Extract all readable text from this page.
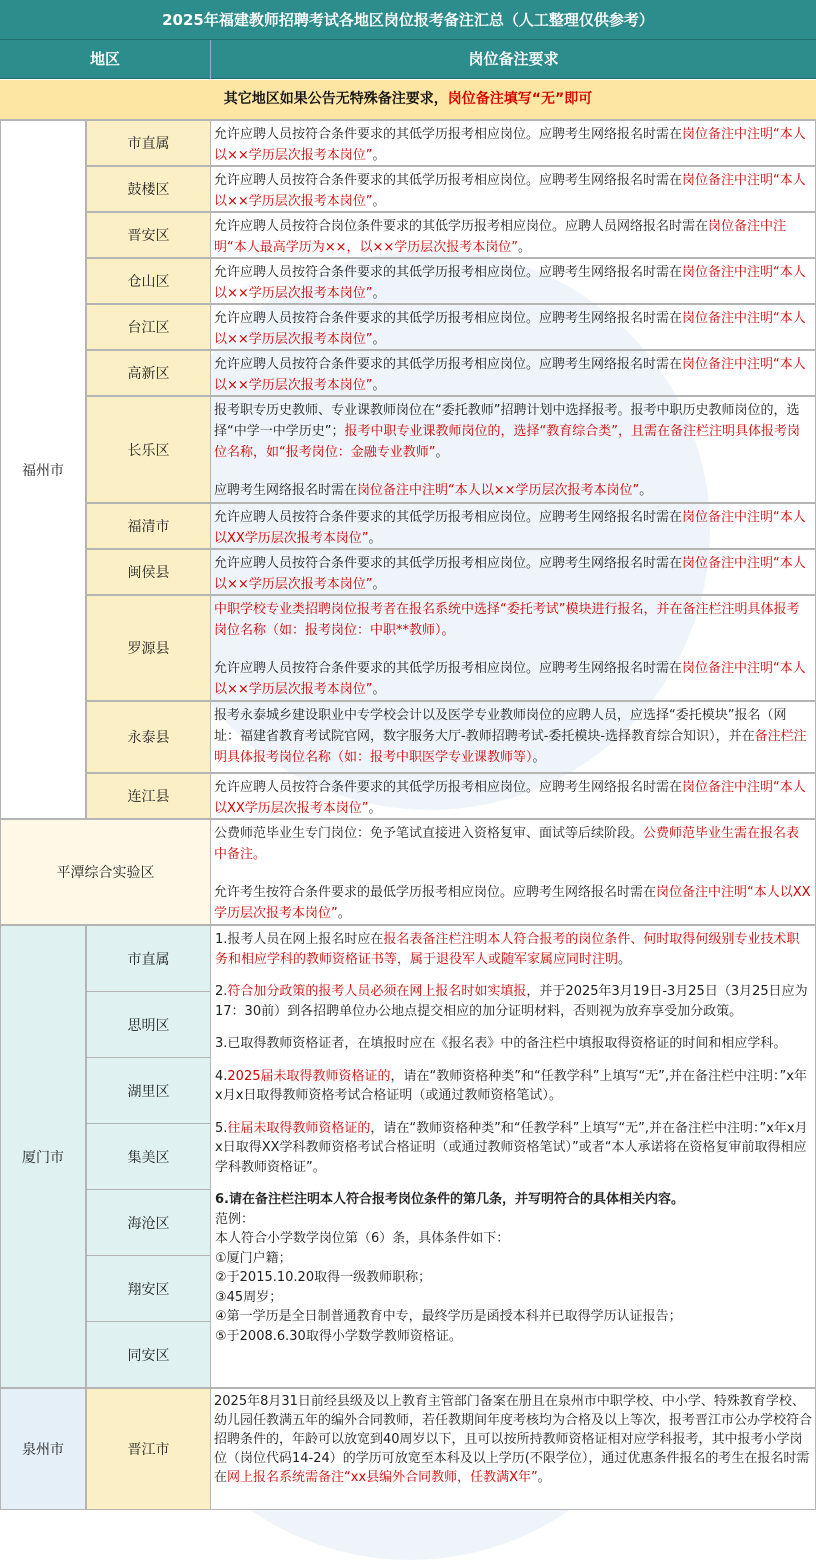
2025年福建教师招聘考试各地区岗位报考备注汇总（人工整理仅供参考）
地区	岗位备注要求
其它地区如果公告无特殊备注要求，岗位备注填写“无”即可
福州市
市直属
允许应聘人员按符合条件要求的其低学历报考相应岗位。应聘考生网络报名时需在岗位备注中注明“本人以××学历层次报考本岗位”。
鼓楼区
允许应聘人员按符合条件要求的其低学历报考相应岗位。应聘考生网络报名时需在岗位备注中注明“本人以××学历层次报考本岗位”。
晋安区
允许应聘人员按符合岗位条件要求的其低学历报考相应岗位。应聘人员网络报名时需在岗位备注中注明“本人最高学历为××，以××学历层次报考本岗位”。
仓山区
允许应聘人员按符合条件要求的其低学历报考相应岗位。应聘考生网络报名时需在岗位备注中注明“本人以××学历层次报考本岗位”。
台江区
允许应聘人员按符合条件要求的其低学历报考相应岗位。应聘考生网络报名时需在岗位备注中注明“本人以××学历层次报考本岗位”。
高新区
允许应聘人员按符合条件要求的其低学历报考相应岗位。应聘考生网络报名时需在岗位备注中注明“本人以××学历层次报考本岗位”。
长乐区

报考职专历史教师、专业课教师岗位在“委托教师”招聘计划中选择报考。报考中职历史教师岗位的，选择“中学一中学历史”；报考中职专业课教师岗位的，选择“教育综合类”，且需在备注栏注明具体报考岗位名称，如“报考岗位：金融专业教师”。

应聘考生网络报名时需在岗位备注中注明“本人以××学历层次报考本岗位”。

福清市
允许应聘人员按符合条件要求的其低学历报考相应岗位。应聘考生网络报名时需在岗位备注中注明“本人以XX学历层次报考本岗位”。
闽侯县
允许应聘人员按符合条件要求的其低学历报考相应岗位。应聘考生网络报名时需在岗位备注中注明“本人以××学历层次报考本岗位”。
罗源县

中职学校专业类招聘岗位报考者在报名系统中选择“委托考试”模块进行报名，并在备注栏注明具体报考岗位名称（如：报考岗位：中职**教师）。

允许应聘人员按符合条件要求的其低学历报考相应岗位。应聘考生网络报名时需在岗位备注中注明“本人以××学历层次报考本岗位”。

永泰县
报考永泰城乡建设职业中专学校会计以及医学专业教师岗位的应聘人员，应选择“委托模块”报名（网址：福建省教育考试院官网，数字服务大厅-教师招聘考试-委托模块-选择教育综合知识），并在备注栏注明具体报考岗位名称（如：报考中职医学专业课教师等）。
连江县
允许应聘人员按符合条件要求的其低学历报考相应岗位。应聘考生网络报名时需在岗位备注中注明“本人以XX学历层次报考本岗位”。
平潭综合实验区

公费师范毕业生专门岗位：免予笔试直接进入资格复审、面试等后续阶段。公费师范毕业生需在报名表中备注。

允许考生按符合条件要求的最低学历报考相应岗位。应聘考生网络报名时需在岗位备注中注明“本人以XX学历层次报考本岗位”。

厦门市
市直属
思明区
湖里区
集美区
海沧区
翔安区
同安区

1.报考人员在网上报名时应在报名表备注栏注明本人符合报考的岗位条件、何时取得何级别专业技术职务和相应学科的教师资格证书等，属于退役军人或随军家属应同时注明。

2.符合加分政策的报考人员必须在网上报名时如实填报，并于2025年3月19日-3月25日（3月25日应为17：30前）到各招聘单位办公地点提交相应的加分证明材料，否则视为放弃享受加分政策。

3.已取得教师资格证者，在填报时应在《报名表》中的备注栏中填报取得资格证的时间和相应学科。

4.2025届未取得教师资格证的，请在“教师资格种类”和“任教学科”上填写“无”,并在备注栏中注明：”x年x月x日取得教师资格考试合格证明（或通过教师资格笔试）。

5.往届未取得教师资格证的，请在“教师资格种类”和“任教学科”上填写“无”,并在备注栏中注明：”x年x月x日取得XX学科教师资格考试合格证明（或通过教师资格笔试）”或者“本人承诺将在资格复审前取得相应学科教师资格证”。

6.请在备注栏注明本人符合报考岗位条件的第几条，并写明符合的具体相关内容。

范例：

本人符合小学数学岗位第（6）条，具体条件如下：

①厦门户籍；

②于2015.10.20取得一级教师职称；

③45周岁；

④第一学历是全日制普通教育中专，最终学历是函授本科并已取得学历认证报告；

⑤于2008.6.30取得小学数学教师资格证。

泉州市	晋江市
2025年8月31日前经县级及以上教育主管部门备案在册且在泉州市中职学校、中小学、特殊教育学校、幼儿园任教满五年的编外合同教师，若任教期间年度考核均为合格及以上等次，报考晋江市公办学校符合招聘条件的，年龄可以放宽到40周岁以下，且可以按所持教师资格证相对应学科报考，其中报考小学岗位（岗位代码14-24）的学历可放宽至本科及以上学历(不限学位），通过优惠条件报名的考生在报名时需在网上报名系统需备注“xx县编外合同教师，任教满X年”。
